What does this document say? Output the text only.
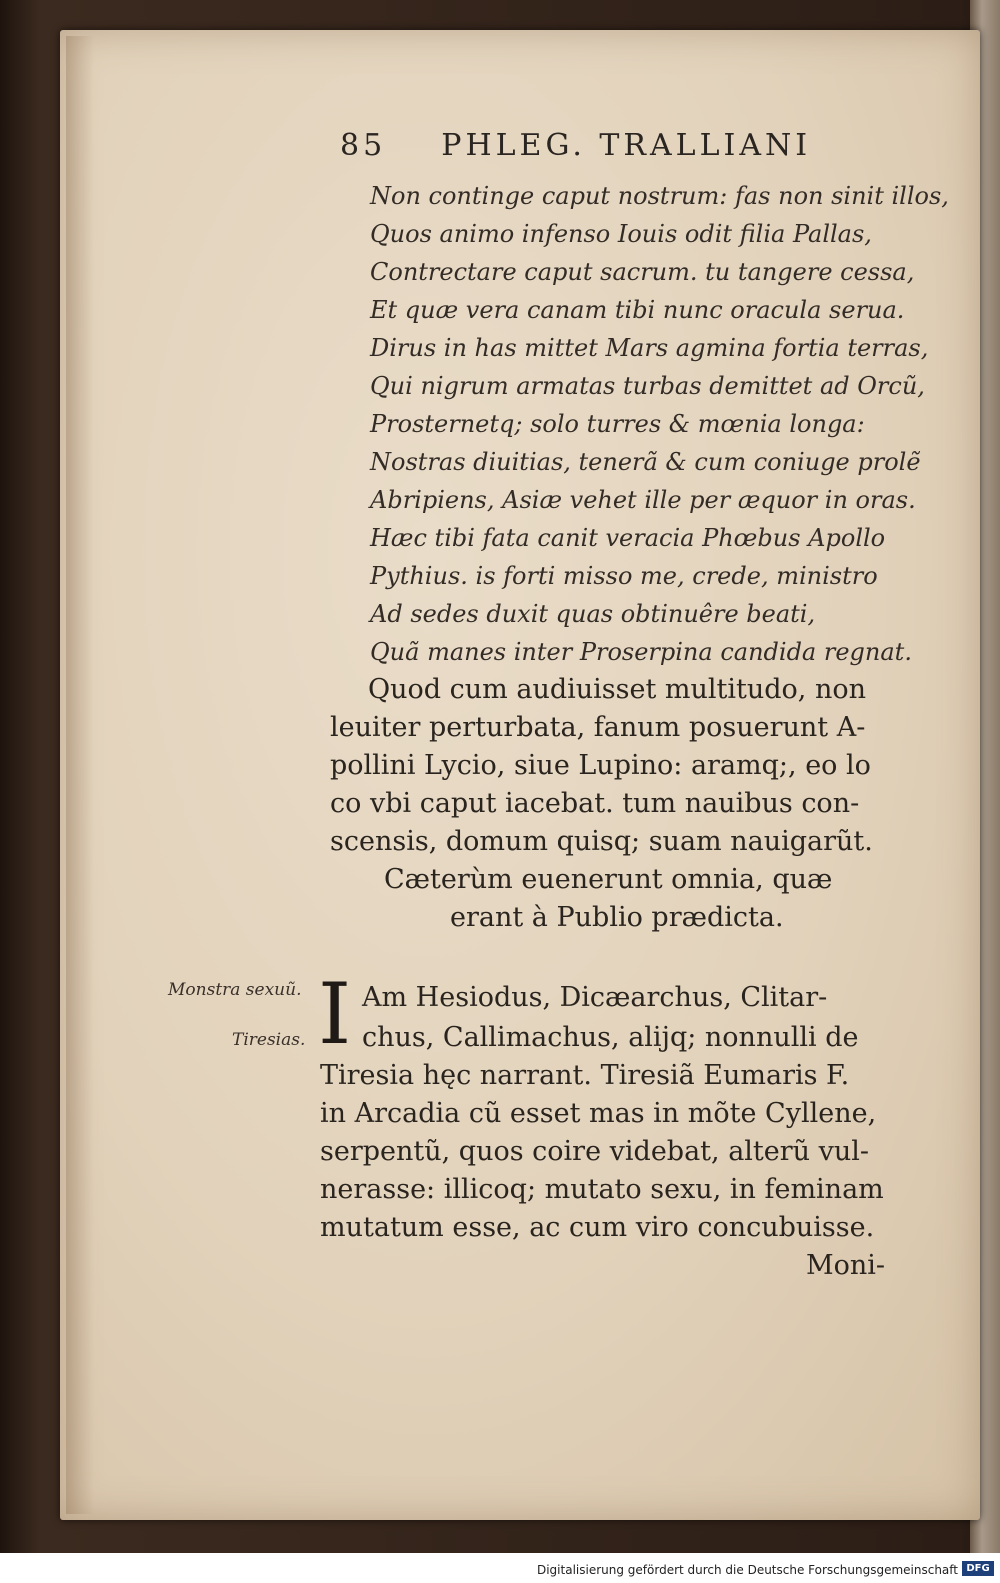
85 PHLEG. TRALLIANI
Non continge caput nostrum: fas non sinit illos,
Quos animo infenso Iouis odit filia Pallas,
Contrectare caput sacrum. tu tangere cessa,
Et quæ vera canam tibi nunc oracula serua.
Dirus in has mittet Mars agmina fortia terras,
Qui nigrum armatas turbas demittet ad Orcũ,
Prosternetq; solo turres & mœnia longa:
Nostras diuitias, tenerã & cum coniuge prolẽ
Abripiens, Asiæ vehet ille per æquor in oras.
Hæc tibi fata canit veracia Phœbus Apollo
Pythius. is forti misso me, crede, ministro
Ad sedes duxit quas obtinuêre beati,
Quã manes inter Proserpina candida regnat.
Quod cum audiuisset multitudo, non
leuiter perturbata, fanum posuerunt A-
pollini Lycio, siue Lupino: aramq;, eo lo
co vbi caput iacebat. tum nauibus con-
scensis, domum quisq; suam nauigarũt.
Cæterùm euenerunt omnia, quæ
erant à Publio prædicta.
Monstra sexuũ.
Tiresias. I Am Hesiodus, Dicæarchus, Clitar-
chus, Callimachus, alijq; nonnulli de
Tiresia hęc narrant. Tiresiã Eumaris F.
in Arcadia cũ esset mas in mõte Cyllene,
serpentũ, quos coire videbat, alterũ vul-
nerasse: illicoq; mutato sexu, in feminam
mutatum esse, ac cum viro concubuisse.
Moni-
Digitalisierung gefördert durch die Deutsche Forschungsgemeinschaft DFG
